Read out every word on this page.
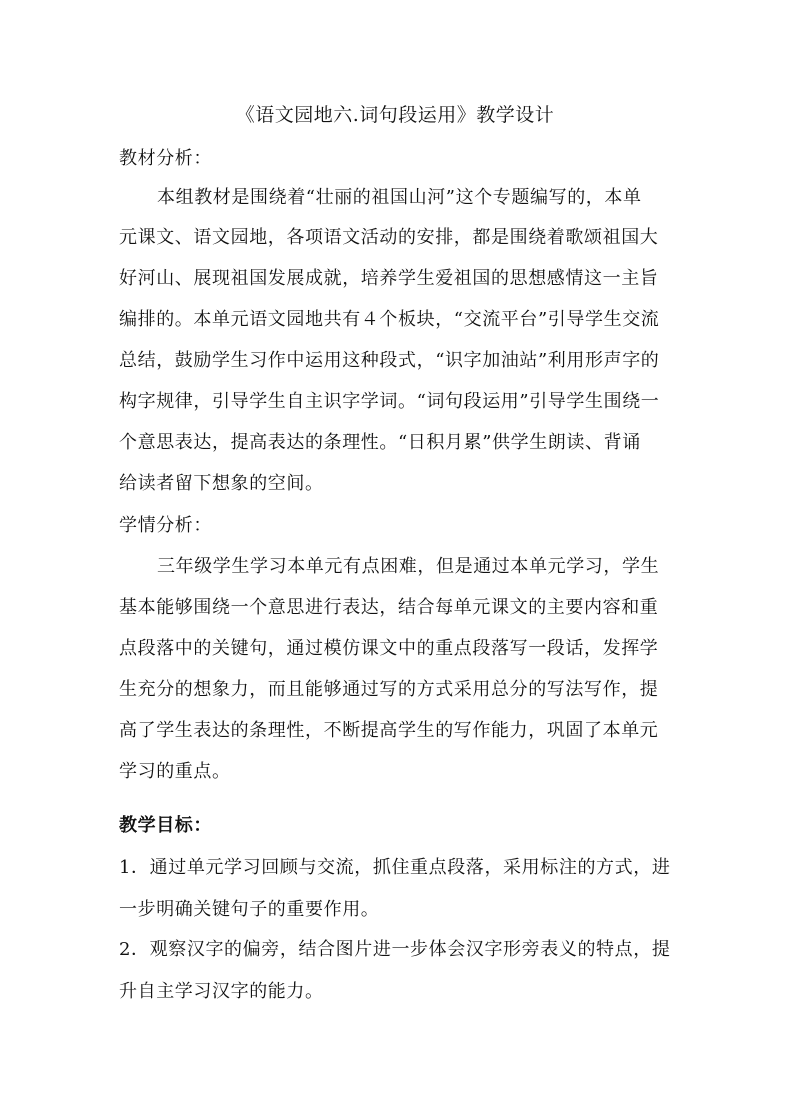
《语文园地六.词句段运用》教学设计
教材分析：
本组教材是围绕着“壮丽的祖国山河”这个专题编写的，本单
元课文、语文园地，各项语文活动的安排，都是围绕着歌颂祖国大
好河山、展现祖国发展成就，培养学生爱祖国的思想感情这一主旨
编排的。本单元语文园地共有４个板块，“交流平台”引导学生交流
总结，鼓励学生习作中运用这种段式，“识字加油站”利用形声字的
构字规律，引导学生自主识字学词。“词句段运用”引导学生围绕一
个意思表达，提高表达的条理性。“日积月累”供学生朗读、背诵
给读者留下想象的空间。
学情分析：
三年级学生学习本单元有点困难，但是通过本单元学习，学生
基本能够围绕一个意思进行表达，结合每单元课文的主要内容和重
点段落中的关键句，通过模仿课文中的重点段落写一段话，发挥学
生充分的想象力，而且能够通过写的方式采用总分的写法写作，提
高了学生表达的条理性，不断提高学生的写作能力，巩固了本单元
学习的重点。
教学目标：
1．通过单元学习回顾与交流，抓住重点段落，采用标注的方式，进
一步明确关键句子的重要作用。
2．观察汉字的偏旁，结合图片进一步体会汉字形旁表义的特点，提
升自主学习汉字的能力。
